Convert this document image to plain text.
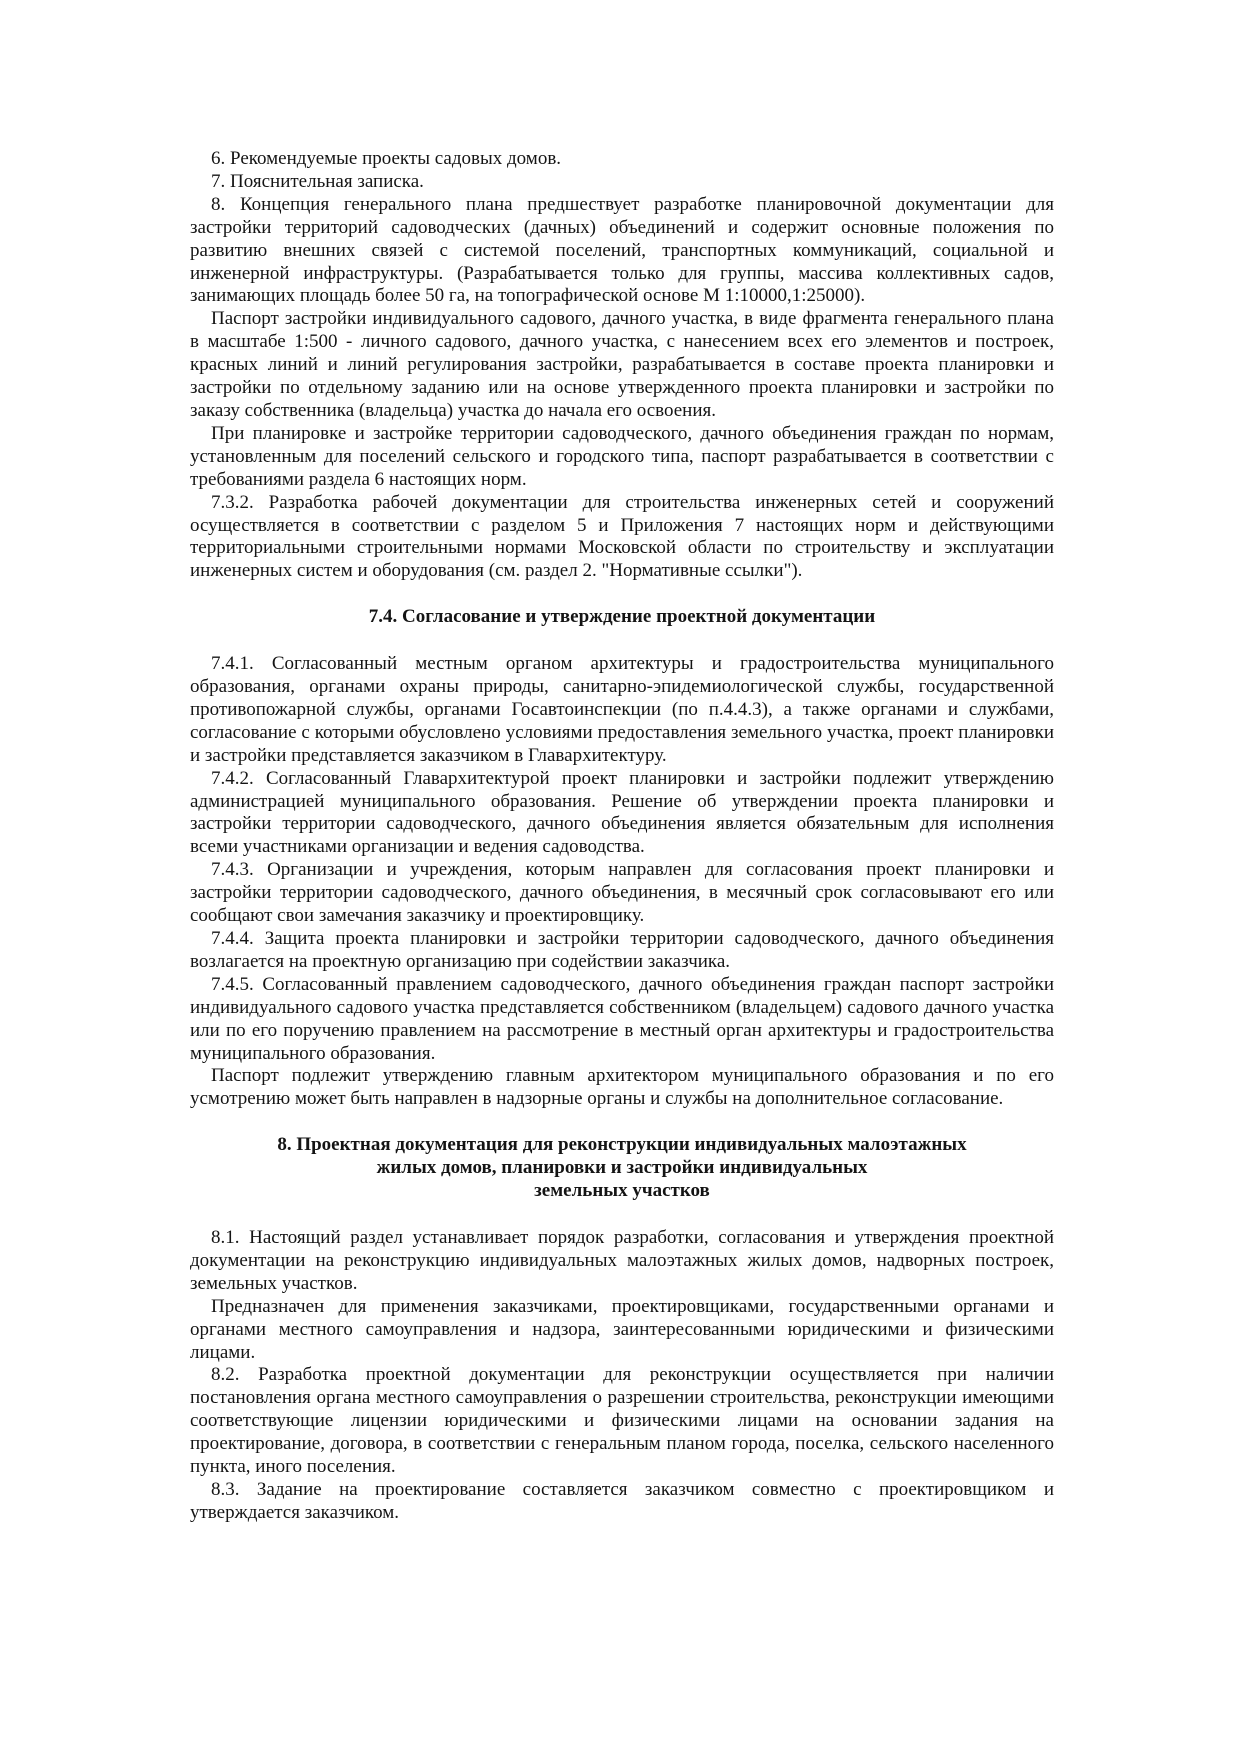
6. Рекомендуемые проекты садовых домов.

7. Пояснительная записка.

8. Концепция генерального плана предшествует разработке планировочной документации для застройки территорий садоводческих (дачных) объединений и содержит основные положения по развитию внешних связей с системой поселений, транспортных коммуникаций, социальной и инженерной инфраструктуры. (Разрабатывается только для группы, массива коллективных садов, занимающих площадь более 50 га, на топографической основе М 1:10000,1:25000).

Паспорт застройки индивидуального садового, дачного участка, в виде фрагмента генерального плана в масштабе 1:500 - личного садового, дачного участка, с нанесением всех его элементов и построек, красных линий и линий регулирования застройки, разрабатывается в составе проекта планировки и застройки по отдельному заданию или на основе утвержденного проекта планировки и застройки по заказу собственника (владельца) участка до начала его освоения.

При планировке и застройке территории садоводческого, дачного объединения граждан по нормам, установленным для поселений сельского и городского типа, паспорт разрабатывается в соответствии с требованиями раздела 6 настоящих норм.

7.3.2. Разработка рабочей документации для строительства инженерных сетей и сооружений осуществляется в соответствии с разделом 5 и Приложения 7 настоящих норм и действующими территориальными строительными нормами Московской области по строительству и эксплуатации инженерных систем и оборудования (см. раздел 2. "Нормативные ссылки").

7.4. Согласование и утверждение проектной документации

7.4.1. Согласованный местным органом архитектуры и градостроительства муниципального образования, органами охраны природы, санитарно-эпидемиологической службы, государственной противопожарной службы, органами Госавтоинспекции (по п.4.4.3), а также органами и службами, согласование с которыми обусловлено условиями предоставления земельного участка, проект планировки и застройки представляется заказчиком в Главархитектуру.

7.4.2. Согласованный Главархитектурой проект планировки и застройки подлежит утверждению администрацией муниципального образования. Решение об утверждении проекта планировки и застройки территории садоводческого, дачного объединения является обязательным для исполнения всеми участниками организации и ведения садоводства.

7.4.3. Организации и учреждения, которым направлен для согласования проект планировки и застройки территории садоводческого, дачного объединения, в месячный срок согласовывают его или сообщают свои замечания заказчику и проектировщику.

7.4.4. Защита проекта планировки и застройки территории садоводческого, дачного объединения возлагается на проектную организацию при содействии заказчика.

7.4.5. Согласованный правлением садоводческого, дачного объединения граждан паспорт застройки индивидуального садового участка представляется собственником (владельцем) садового дачного участка или по его поручению правлением на рассмотрение в местный орган архитектуры и градостроительства муниципального образования.

Паспорт подлежит утверждению главным архитектором муниципального образования и по его усмотрению может быть направлен в надзорные органы и службы на дополнительное согласование.

8. Проектная документация для реконструкции индивидуальных малоэтажных
жилых домов, планировки и застройки индивидуальных
земельных участков

8.1. Настоящий раздел устанавливает порядок разработки, согласования и утверждения проектной документации на реконструкцию индивидуальных малоэтажных жилых домов, надворных построек, земельных участков.

Предназначен для применения заказчиками, проектировщиками, государственными органами и органами местного самоуправления и надзора, заинтересованными юридическими и физическими лицами.

8.2. Разработка проектной документации для реконструкции осуществляется при наличии постановления органа местного самоуправления о разрешении строительства, реконструкции имеющими соответствующие лицензии юридическими и физическими лицами на основании задания на проектирование, договора, в соответствии с генеральным планом города, поселка, сельского населенного пункта, иного поселения.

8.3. Задание на проектирование составляется заказчиком совместно с проектировщиком и утверждается заказчиком.
